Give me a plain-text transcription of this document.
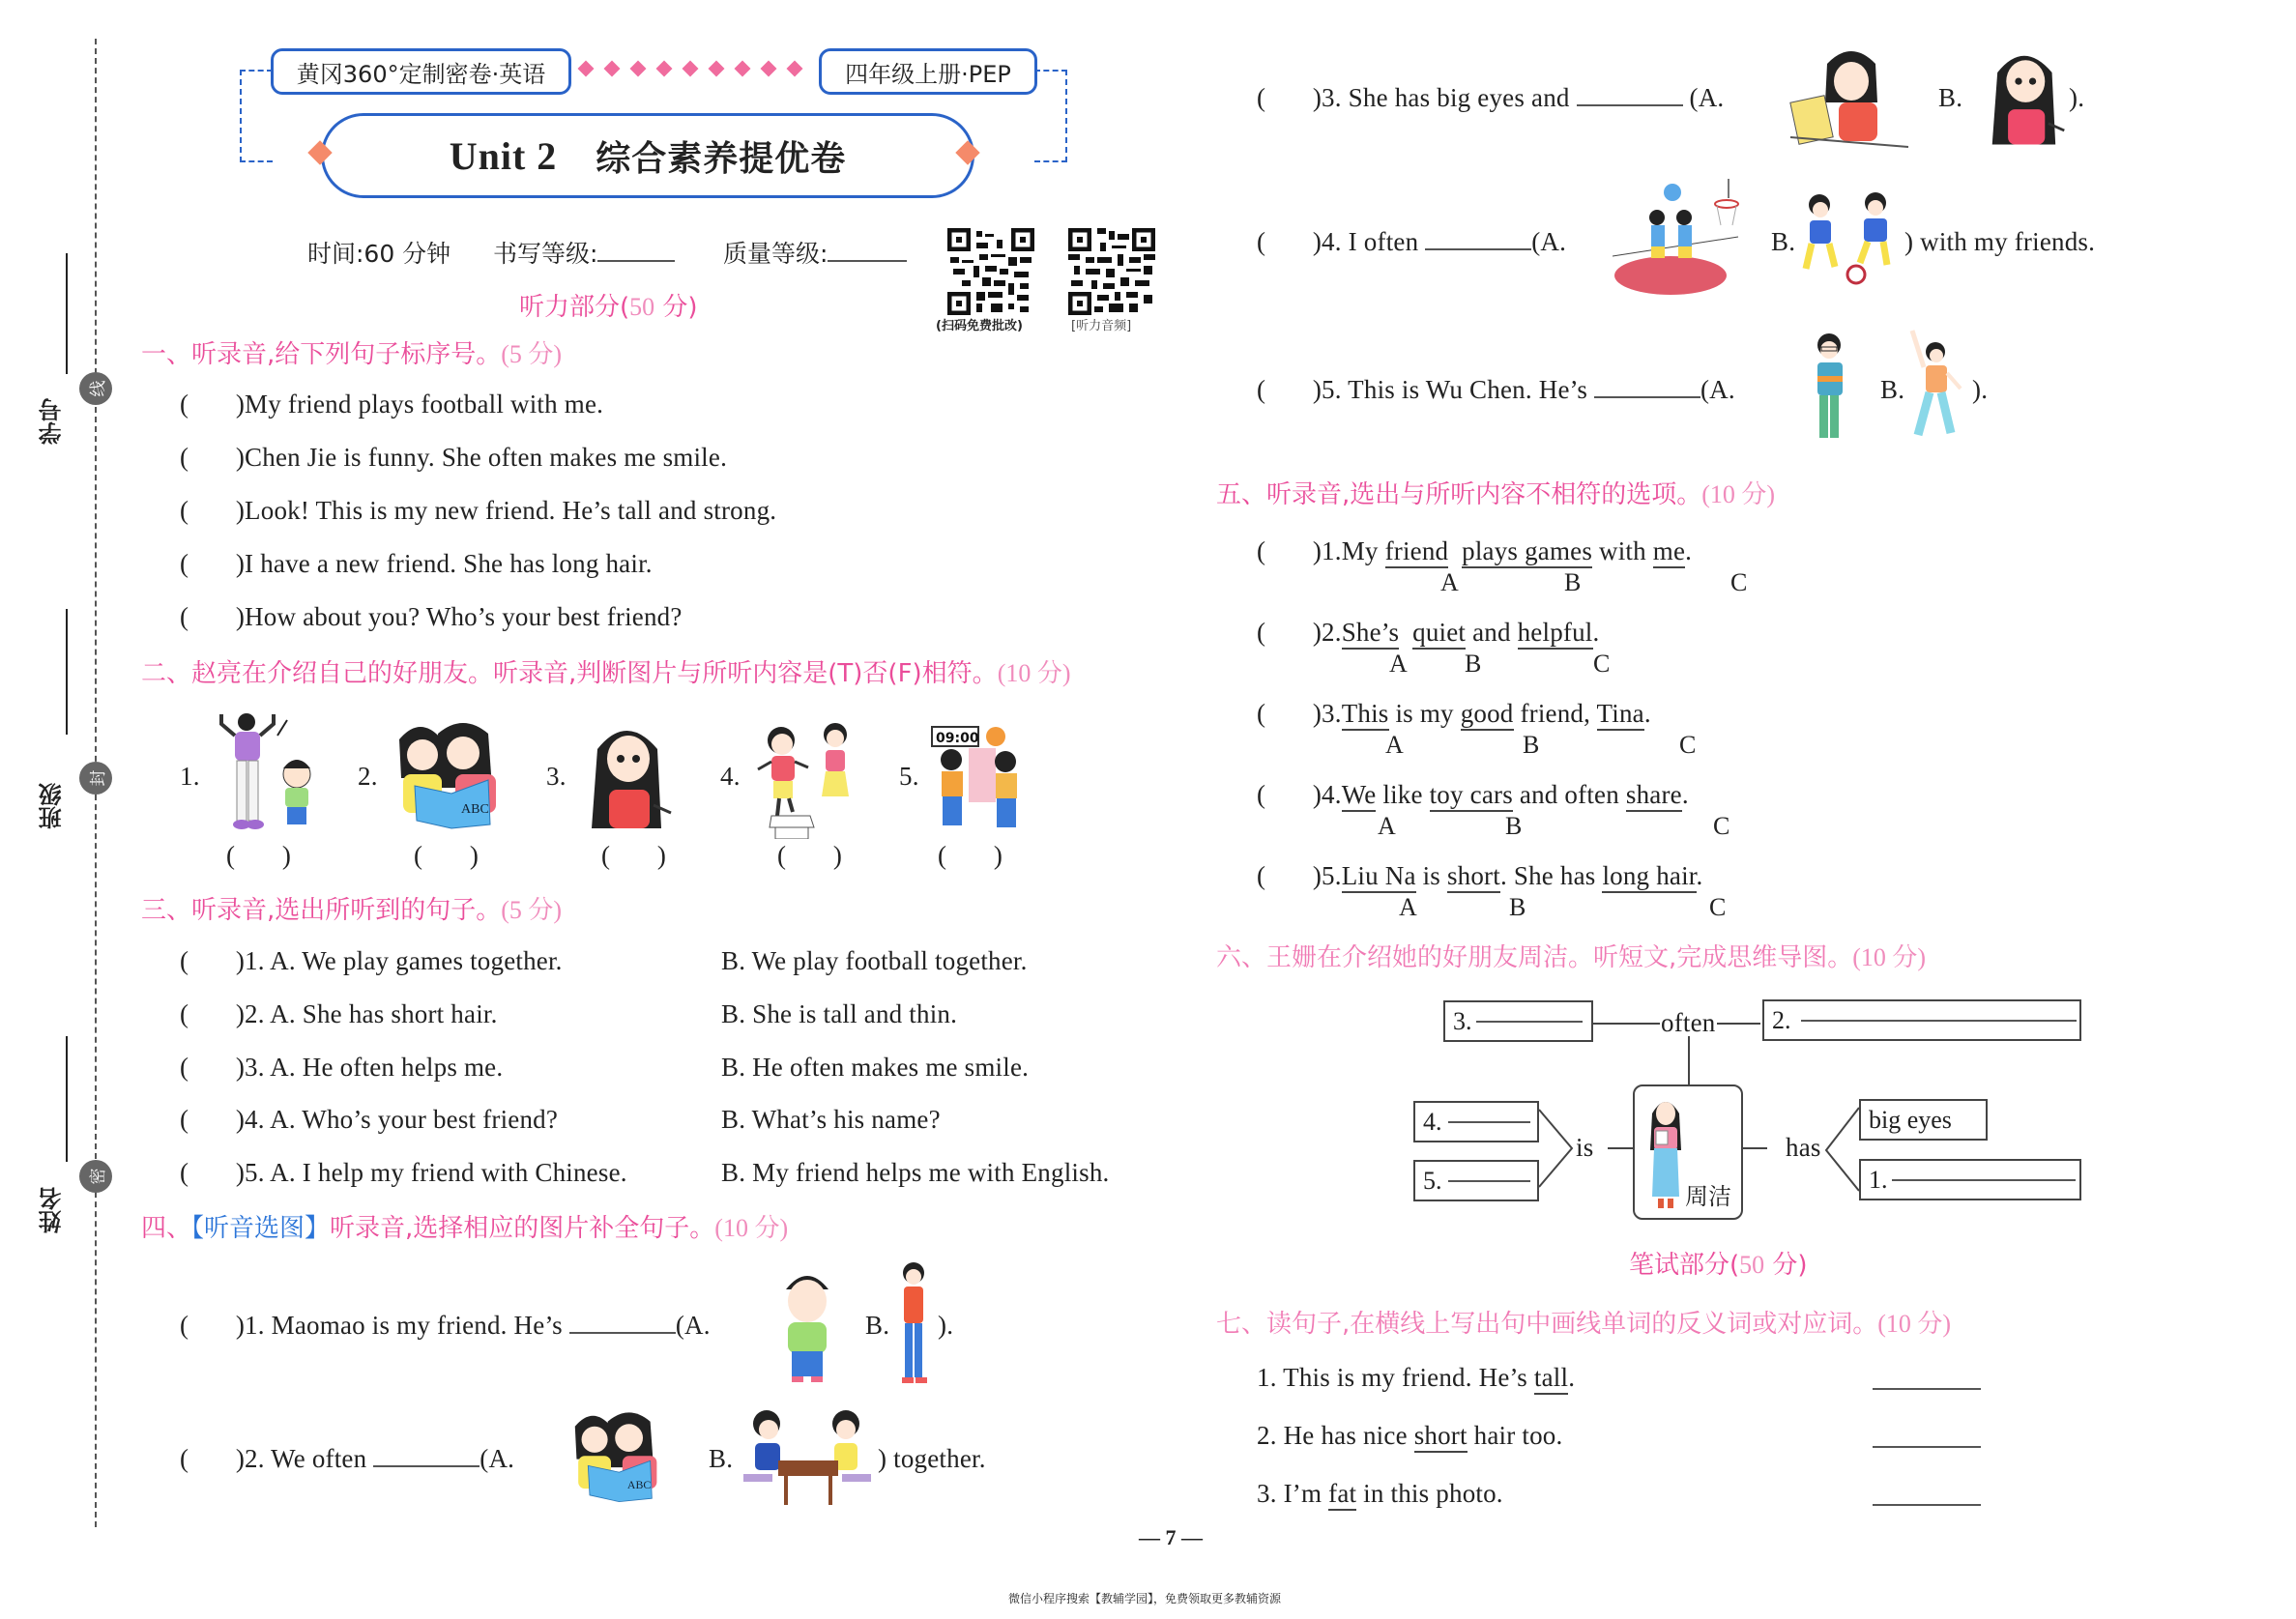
学号
线
班级
封
姓名
密
黄冈360°定制密卷·英语	四年级上册·PEP
Unit 2 综合素养提优卷
时间:60 分钟 书写等级:	质量等级:
(扫码免费批改)	[听力音频]
听力部分(50 分)
一、听录音,给下列句子标序号。(5 分)
(       )My friend plays football with me.
(       )Chen Jie is funny. She often makes me smile.
(       )Look! This is my new friend. He’s tall and strong.
(       )I have a new friend. She has long hair.
(       )How about you? Who’s your best friend?
二、赵亮在介绍自己的好朋友。听录音,判断图片与所听内容是(T)否(F)相符。(10 分)
1.
(       )
2.
ABC
(       )
3.
(       )
4.
(       )
5.
09:00
(       )
三、听录音,选出所听到的句子。(5 分)
(       )1. A. We play games together.	B. We play football together.
(       )2. A. She has short hair.	B. She is tall and thin.
(       )3. A. He often helps me.	B. He often makes me smile.
(       )4. A. Who’s your best friend?	B. What’s his name?
(       )5. A. I help my friend with Chinese.	B. My friend helps me with English.
四、【听音选图】听录音,选择相应的图片补全句子。(10 分)
(       )1. Maomao is my friend. He’s	(A.	B. ).
(       )2. We often	(A.
ABC
B.	) together.
(       )3. She has big eyes and	(A.	B.	).
(       )4. I often	(A.	B.	) with my friends.
(       )5. This is Wu Chen. He’s	(A.	B.	).
五、听录音,选出与所听内容不相符的选项。(10 分)
(       )1.My friend plays games with me.
A	B	C
(       )2.She’s quiet and helpful.
A B	C
(       )3.This is my good friend, Tina.
A	B	C
(       )4.We like toy cars and often share.
A	B	C
(       )5.Liu Na is short. She has long hair.
A	B	C
六、王姗在介绍她的好朋友周洁。听短文,完成思维导图。(10 分)
3.	often 2.
4.
5.
is
周洁
has
big eyes
1.
笔试部分(50 分)
七、读句子,在横线上写出句中画线单词的反义词或对应词。(10 分)
1. This is my friend. He’s tall.
2. He has nice short hair too.
3. I’m fat in this photo.
— 7 —
微信小程序搜索【教辅学园】，免费领取更多教辅资源
